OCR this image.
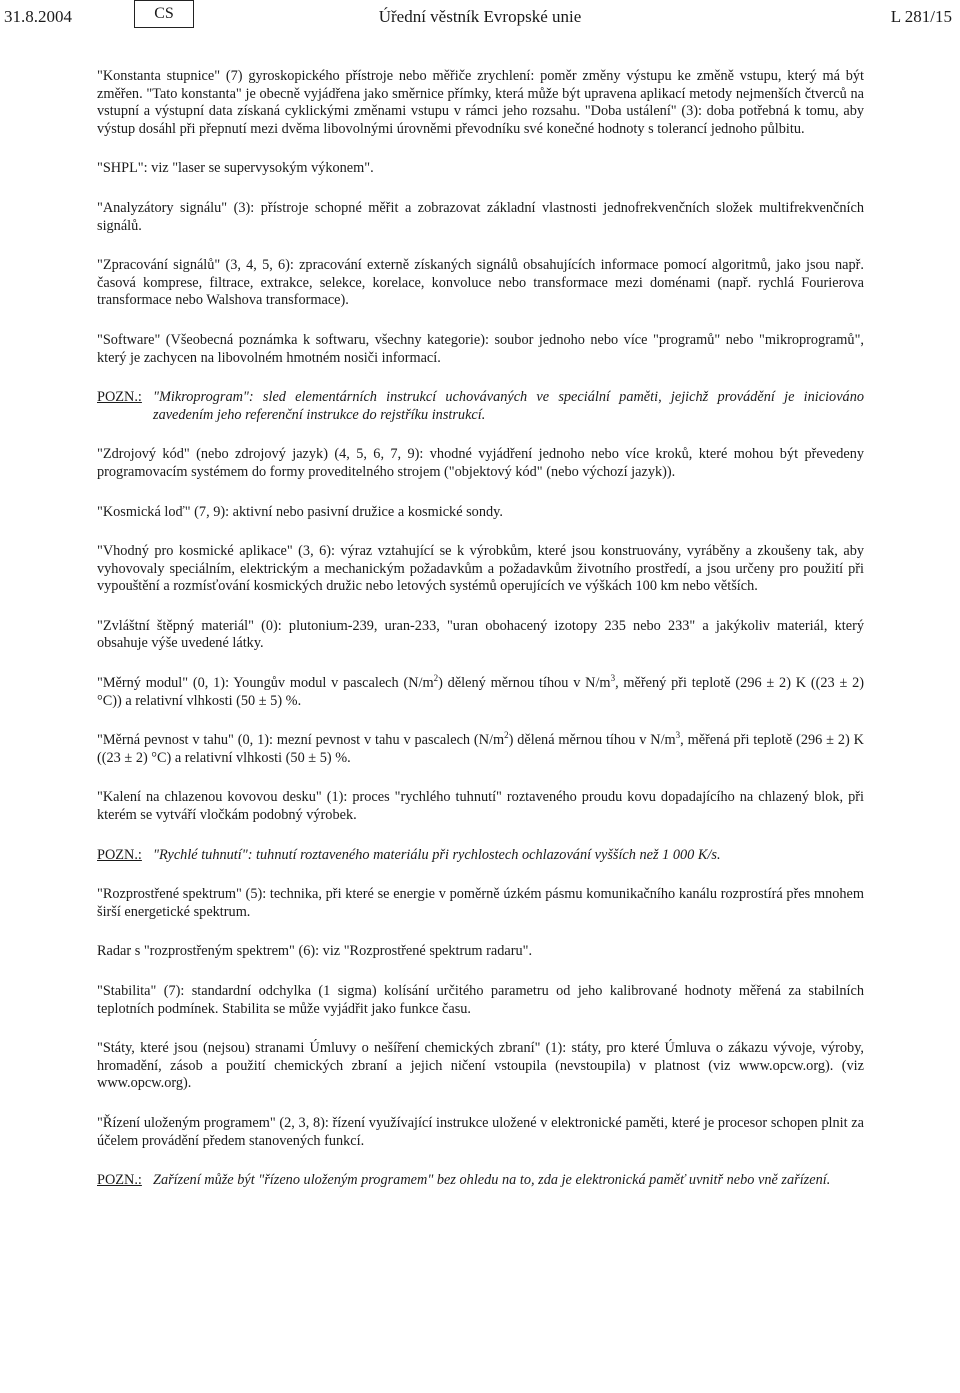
31.8.2004	CS	Úřední věstník Evropské unie	L 281/15

"Konstanta stupnice" (7) gyroskopického přístroje nebo měřiče zrychlení: poměr změny výstupu ke změně vstupu, který má být změřen. "Tato konstanta" je obecně vyjádřena jako směrnice přímky, která může být upravena aplikací metody nejmenších čtverců na vstupní a výstupní data získaná cyklickými změnami vstupu v rámci jeho rozsahu. "Doba ustálení" (3): doba potřebná k tomu, aby výstup dosáhl při přepnutí mezi dvěma libovolnými úrovněmi převodníku své konečné hodnoty s tolerancí jednoho půlbitu.

"SHPL": viz "laser se supervysokým výkonem".

"Analyzátory signálu" (3): přístroje schopné měřit a zobrazovat základní vlastnosti jednofrekvenčních složek multifrekvenčních signálů.

"Zpracování signálů" (3, 4, 5, 6): zpracování externě získaných signálů obsahujících informace pomocí algoritmů, jako jsou např. časová komprese, filtrace, extrakce, selekce, korelace, konvoluce nebo transformace mezi doménami (např. rychlá Fourierova transformace nebo Walshova transformace).

"Software" (Všeobecná poznámka k softwaru, všechny kategorie): soubor jednoho nebo více "programů" nebo "mikroprogramů", který je zachycen na libovolném hmotném nosiči informací.

POZN.: "Mikroprogram": sled elementárních instrukcí uchovávaných ve speciální paměti, jejichž provádění je iniciováno zavedením jeho referenční instrukce do rejstříku instrukcí.

"Zdrojový kód" (nebo zdrojový jazyk) (4, 5, 6, 7, 9): vhodné vyjádření jednoho nebo více kroků, které mohou být převedeny programovacím systémem do formy proveditelného strojem ("objektový kód" (nebo výchozí jazyk)).

"Kosmická loď" (7, 9): aktivní nebo pasivní družice a kosmické sondy.

"Vhodný pro kosmické aplikace" (3, 6): výraz vztahující se k výrobkům, které jsou konstruovány, vyráběny a zkoušeny tak, aby vyhovovaly speciálním, elektrickým a mechanickým požadavkům a požadavkům životního prostředí, a jsou určeny pro použití při vypouštění a rozmísťování kosmických družic nebo letových systémů operujících ve výškách 100 km nebo větších.

"Zvláštní štěpný materiál" (0): plutonium-239, uran-233, "uran obohacený izotopy 235 nebo 233" a jakýkoliv materiál, který obsahuje výše uvedené látky.

"Měrný modul" (0, 1): Youngův modul v pascalech $(N/m^2)$ dělený měrnou tíhou v $N/m^3$, měřený při teplotě (296 ± 2) K ((23 ± 2) °C)) a relativní vlhkosti (50 ± 5) %.

"Měrná pevnost v tahu" (0, 1): mezní pevnost v tahu v pascalech $(N/m^2)$ dělená měrnou tíhou v $N/m^3$, měřená při teplotě (296 ± 2) K ((23 ± 2) °C) a relativní vlhkosti (50 ± 5) %.

"Kalení na chlazenou kovovou desku" (1): proces "rychlého tuhnutí" roztaveného proudu kovu dopadajícího na chlazený blok, při kterém se vytváří vločkám podobný výrobek.

POZN.: "Rychlé tuhnutí": tuhnutí roztaveného materiálu při rychlostech ochlazování vyšších než 1 000 K/s.

"Rozprostřené spektrum" (5): technika, při které se energie v poměrně úzkém pásmu komunikačního kanálu rozprostírá přes mnohem širší energetické spektrum.

Radar s "rozprostřeným spektrem" (6): viz "Rozprostřené spektrum radaru".

"Stabilita" (7): standardní odchylka (1 sigma) kolísání určitého parametru od jeho kalibrované hodnoty měřená za stabilních teplotních podmínek. Stabilita se může vyjádřit jako funkce času.

"Státy, které jsou (nejsou) stranami Úmluvy o nešíření chemických zbraní" (1): státy, pro které Úmluva o zákazu vývoje, výroby, hromadění, zásob a použití chemických zbraní a jejich ničení vstoupila (nevstoupila) v platnost (viz www.opcw.org). (viz www.opcw.org).

"Řízení uloženým programem" (2, 3, 8): řízení využívající instrukce uložené v elektronické paměti, které je procesor schopen plnit za účelem provádění předem stanovených funkcí.

POZN.: Zařízení může být "řízeno uloženým programem" bez ohledu na to, zda je elektronická paměť uvnitř nebo vně zařízení.
